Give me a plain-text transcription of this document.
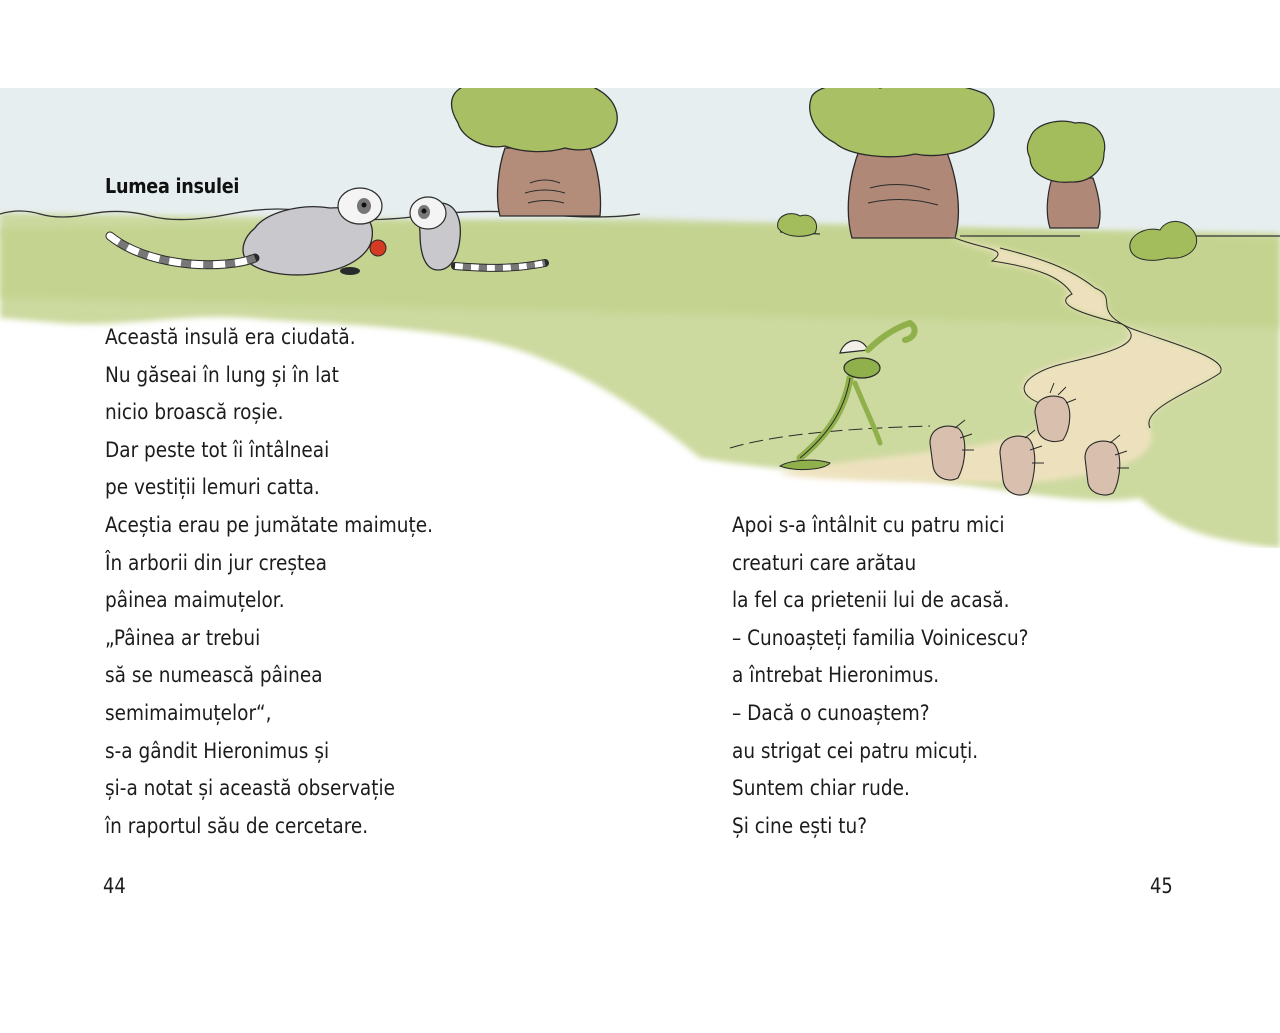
Lumea insulei
Această insulă era ciudată.
Nu găseai în lung și în lat
nicio broască roșie.
Dar peste tot îi întâlneai
pe vestiții lemuri catta.
Aceștia erau pe jumătate maimuțe.
În arborii din jur creștea
pâinea maimuțelor.
„Pâinea ar trebui
să se numească pâinea
semimaimuțelor“,
s-a gândit Hieronimus și
și-a notat și această observație
în raportul său de cercetare.
Apoi s-a întâlnit cu patru mici
creaturi care arătau
la fel ca prietenii lui de acasă.
– Cunoașteți familia Voinicescu?
a întrebat Hieronimus.
– Dacă o cunoaștem?
au strigat cei patru micuți.
Suntem chiar rude.
Și cine ești tu?
44	45
